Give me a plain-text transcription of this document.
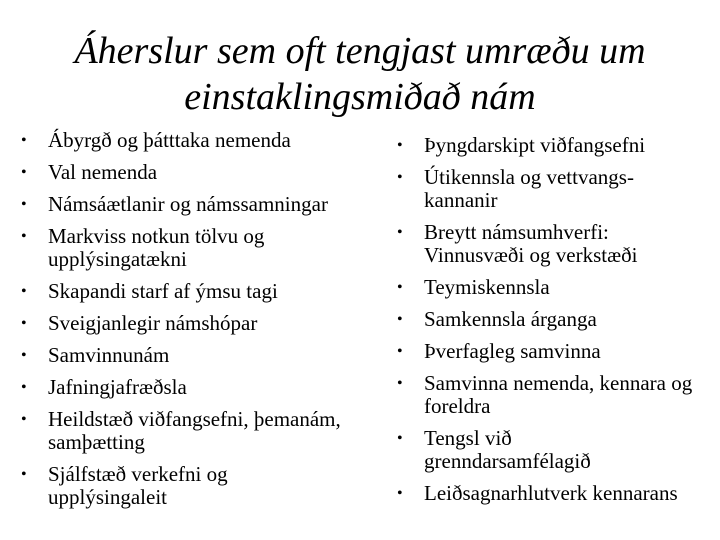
Áherslur sem oft tengjast umræðu um
einstaklingsmiðað nám
• Ábyrgð og þátttaka nemenda
• Val nemenda
• Námsáætlanir og námssamningar
• Markviss notkun tölvu og upplýsingatækni
• Skapandi starf af ýmsu tagi
• Sveigjanlegir námshópar
• Samvinnunám
• Jafningjafræðsla
• Heildstæð viðfangsefni, þemanám, samþætting
• Sjálfstæð verkefni og upplýsingaleit
• Þyngdarskipt viðfangsefni
• Útikennsla og vettvangs-kannanir
• Breytt námsumhverfi: Vinnusvæði og verkstæði
• Teymiskennsla
• Samkennsla árganga
• Þverfagleg samvinna
• Samvinna nemenda, kennara og foreldra
• Tengsl við grenndarsamfélagið
• Leiðsagnarhlutverk kennarans
